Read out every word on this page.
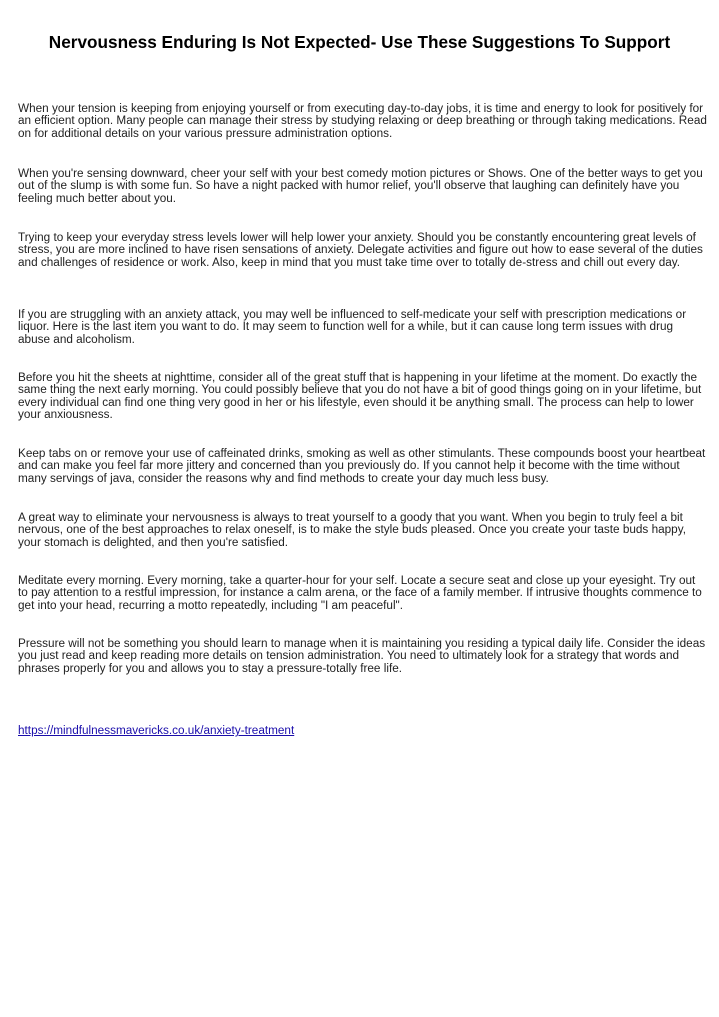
Nervousness Enduring Is Not Expected- Use These Suggestions To Support

When your tension is keeping from enjoying yourself or from executing day-to-day jobs, it is time and energy to look for positively for an efficient option. Many people can manage their stress by studying relaxing or deep breathing or through taking medications. Read on for additional details on your various pressure administration options.

When you're sensing downward, cheer your self with your best comedy motion pictures or Shows. One of the better ways to get you out of the slump is with some fun. So have a night packed with humor relief, you'll observe that laughing can definitely have you feeling much better about you.

Trying to keep your everyday stress levels lower will help lower your anxiety. Should you be constantly encountering great levels of stress, you are more inclined to have risen sensations of anxiety. Delegate activities and figure out how to ease several of the duties and challenges of residence or work. Also, keep in mind that you must take time over to totally de-stress and chill out every day.

If you are struggling with an anxiety attack, you may well be influenced to self-medicate your self with prescription medications or liquor. Here is the last item you want to do. It may seem to function well for a while, but it can cause long term issues with drug abuse and alcoholism.

Before you hit the sheets at nighttime, consider all of the great stuff that is happening in your lifetime at the moment. Do exactly the same thing the next early morning. You could possibly believe that you do not have a bit of good things going on in your lifetime, but every individual can find one thing very good in her or his lifestyle, even should it be anything small. The process can help to lower your anxiousness.

Keep tabs on or remove your use of caffeinated drinks, smoking as well as other stimulants. These compounds boost your heartbeat and can make you feel far more jittery and concerned than you previously do. If you cannot help it become with the time without many servings of java, consider the reasons why and find methods to create your day much less busy.

A great way to eliminate your nervousness is always to treat yourself to a goody that you want. When you begin to truly feel a bit nervous, one of the best approaches to relax oneself, is to make the style buds pleased. Once you create your taste buds happy, your stomach is delighted, and then you're satisfied.

Meditate every morning. Every morning, take a quarter-hour for your self. Locate a secure seat and close up your eyesight. Try out to pay attention to a restful impression, for instance a calm arena, or the face of a family member. If intrusive thoughts commence to get into your head, recurring a motto repeatedly, including "I am peaceful".

Pressure will not be something you should learn to manage when it is maintaining you residing a typical daily life. Consider the ideas you just read and keep reading more details on tension administration. You need to ultimately look for a strategy that words and phrases properly for you and allows you to stay a pressure-totally free life.

https://mindfulnessmavericks.co.uk/anxiety-treatment
